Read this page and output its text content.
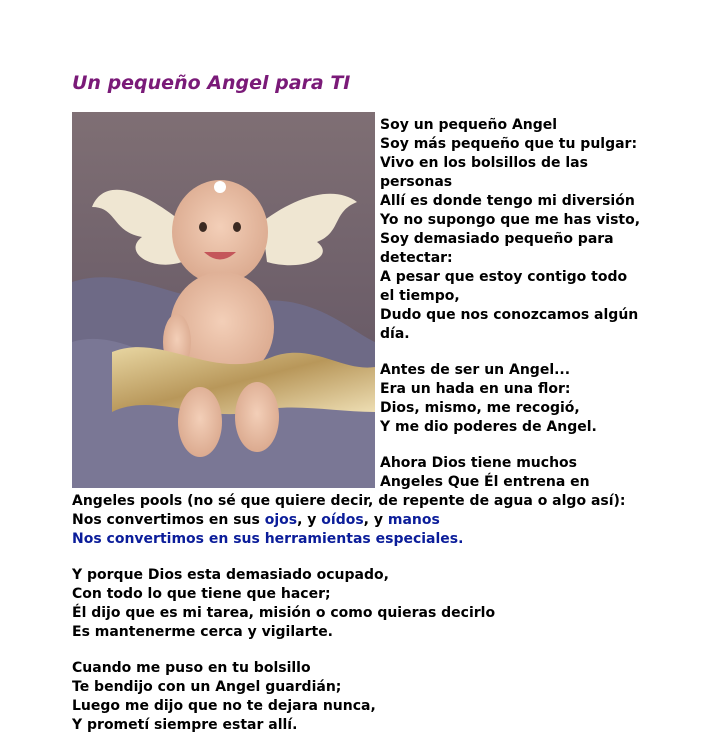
Un pequeño Angel para TI
Soy un pequeño Angel
Soy más pequeño que tu pulgar:
Vivo en los bolsillos de las
personas
Allí es donde tengo mi diversión
Yo no supongo que me has visto,
Soy demasiado pequeño para
detectar:
A pesar que estoy contigo todo
el tiempo,
Dudo que nos conozcamos algún
día.
Antes de ser un Angel...
Era un hada en una flor:
Dios, mismo, me recogió,
Y me dio poderes de Angel.
Ahora Dios tiene muchos
Angeles Que Él entrena en
Angeles pools (no sé que quiere decir, de repente de agua o algo así):
Nos convertimos en sus ojos, y oídos, y manos
Nos convertimos en sus herramientas especiales.
Y porque Dios esta demasiado ocupado,
Con todo lo que tiene que hacer;
Él dijo que es mi tarea, misión o como quieras decirlo
Es mantenerme cerca y vigilarte.
Cuando me puso en tu bolsillo
Te bendijo con un Angel guardián;
Luego me dijo que no te dejara nunca,
Y prometí siempre estar allí.
